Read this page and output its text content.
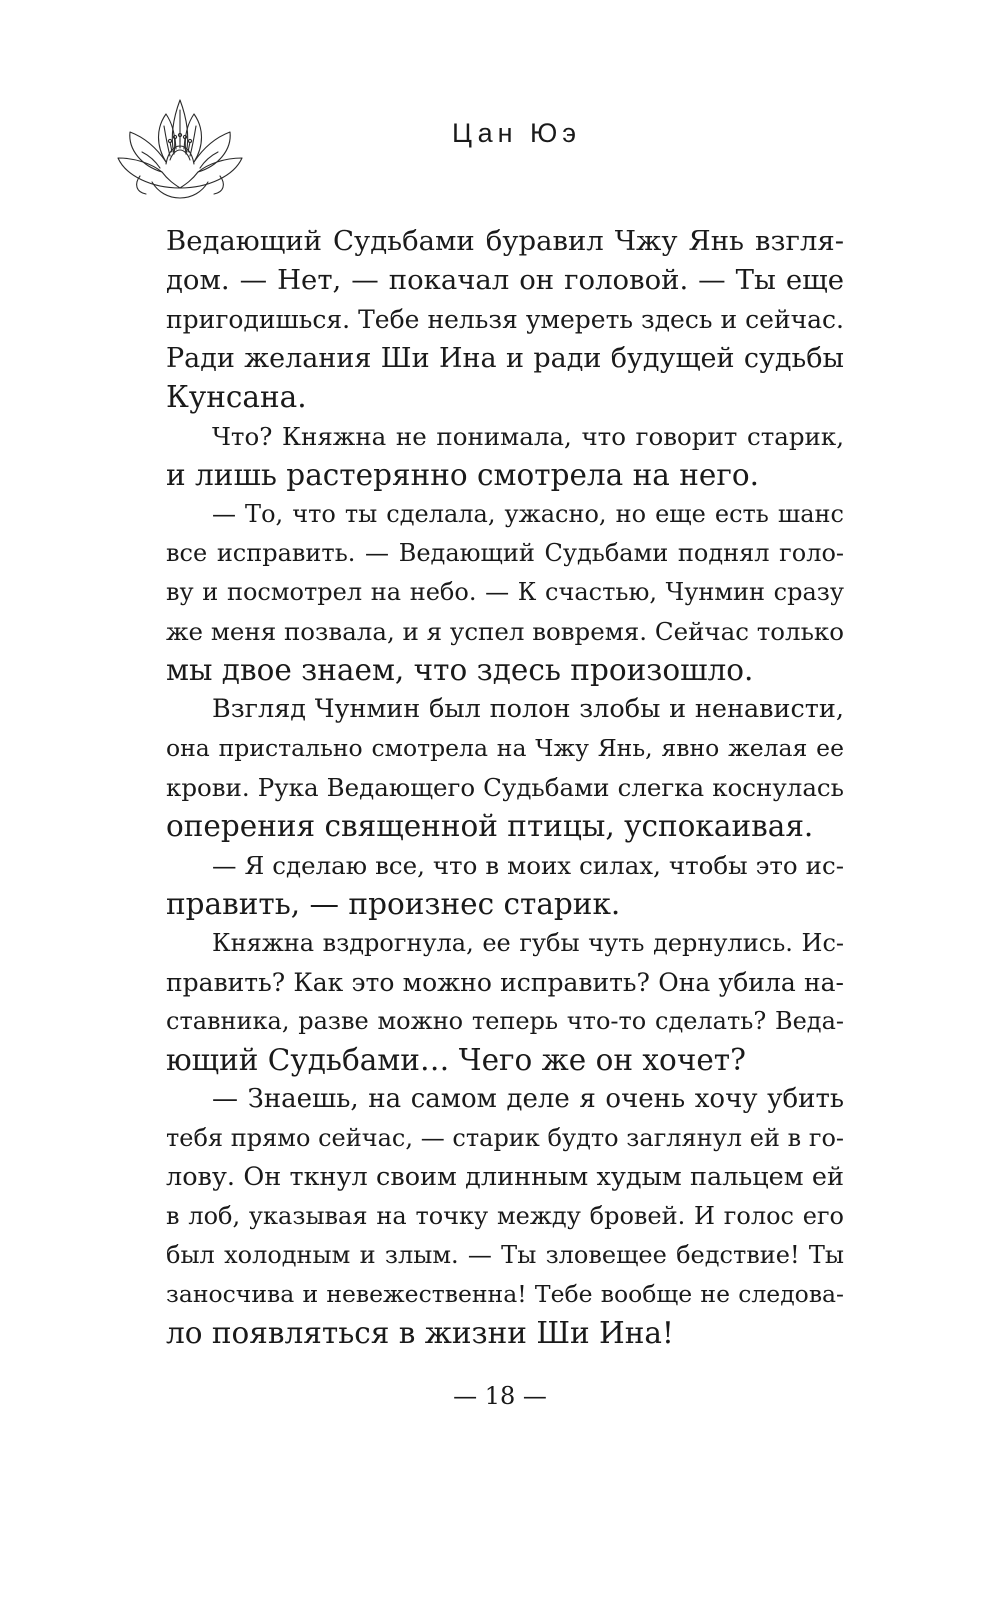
Цан Юэ
Ведающий Судьбами буравил Чжу Янь взгля-
дом. — Нет, — покачал он головой. — Ты еще
пригодишься. Тебе нельзя умереть здесь и сейчас.
Ради желания Ши Ина и ради будущей судьбы
Кунсана.
Что? Княжна не понимала, что говорит старик,
и лишь растерянно смотрела на него.
— То, что ты сделала, ужасно, но еще есть шанс
все исправить. — Ведающий Судьбами поднял голо-
ву и посмотрел на небо. — К счастью, Чунмин сразу
же меня позвала, и я успел вовремя. Сейчас только
мы двое знаем, что здесь произошло.
Взгляд Чунмин был полон злобы и ненависти,
она пристально смотрела на Чжу Янь, явно желая ее
крови. Рука Ведающего Судьбами слегка коснулась
оперения священной птицы, успокаивая.
— Я сделаю все, что в моих силах, чтобы это ис-
править, — произнес старик.
Княжна вздрогнула, ее губы чуть дернулись. Ис-
править? Как это можно исправить? Она убила на-
ставника, разве можно теперь что-то сделать? Веда-
ющий Судьбами… Чего же он хочет?
— Знаешь, на самом деле я очень хочу убить
тебя прямо сейчас, — старик будто заглянул ей в го-
лову. Он ткнул своим длинным худым пальцем ей
в лоб, указывая на точку между бровей. И голос его
был холодным и злым. — Ты зловещее бедствие! Ты
заносчива и невежественна! Тебе вообще не следова-
ло появляться в жизни Ши Ина!
— 18 —
